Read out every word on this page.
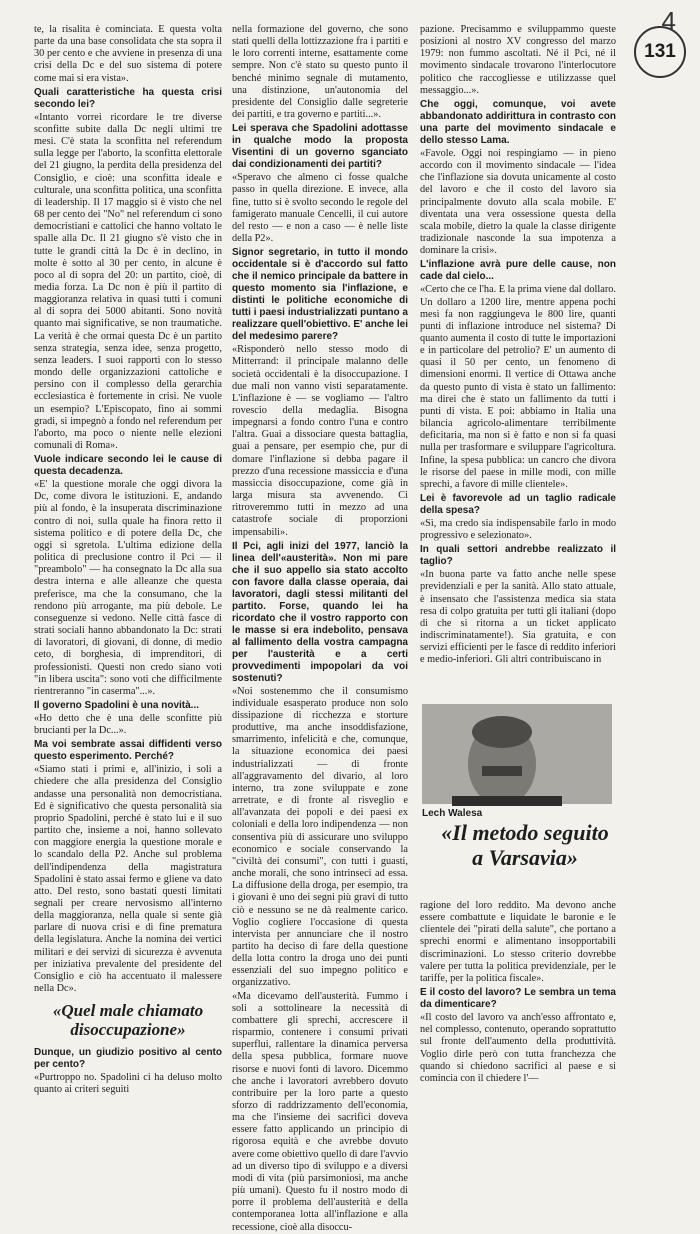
4
131

te, la risalita è cominciata. E questa volta parte da una base consolidata che sta sopra il 30 per cento e che avviene in presenza di una crisi della Dc e del suo sistema di potere come mai si era vista».

Quali caratteristiche ha questa crisi secondo lei?

«Intanto vorrei ricordare le tre diverse sconfitte subite dalla Dc negli ultimi tre mesi. C'è stata la sconfitta nel referendum sulla legge per l'aborto, la sconfitta elettorale del 21 giugno, la perdita della presidenza del Consiglio, e cioè: una sconfitta ideale e culturale, una sconfitta politica, una sconfitta di leadership. Il 17 maggio si è visto che nel 68 per cento dei "No" nel referendum ci sono democristiani e cattolici che hanno voltato le spalle alla Dc. Il 21 giugno s'è visto che in tutte le grandi città la Dc è in declino, in molte è sotto al 30 per cento, in alcune è poco al di sopra del 20: un partito, cioè, di media forza. La Dc non è più il partito di maggioranza relativa in quasi tutti i comuni al di sopra dei 5000 abitanti. Sono novità quanto mai significative, se non traumatiche. La verità è che ormai questa Dc è un partito senza strategia, senza idee, senza progetto, senza leaders. I suoi rapporti con lo stesso mondo delle organizzazioni cattoliche e persino con il complesso della gerarchia ecclesiastica è fortemente in crisi. Ne vuole un esempio? L'Episcopato, fino ai sommi gradi, si impegnò a fondo nel referendum per l'aborto, ma poco o niente nelle elezioni comunali di Roma».

Vuole indicare secondo lei le cause di questa decadenza.

«E' la questione morale che oggi divora la Dc, come divora le istituzioni. E, andando più al fondo, è la insuperata discriminazione contro di noi, sulla quale ha finora retto il sistema politico e di potere della Dc, che oggi si sgretola. L'ultima edizione della politica di preclusione contro il Pci — il "preambolo" — ha consegnato la Dc alla sua destra interna e alle alleanze che questa preferisce, ma che la consumano, che la rendono più arrogante, ma più debole. Le conseguenze si vedono. Nelle città fasce di strati sociali hanno abbandonato la Dc: strati di lavoratori, di giovani, di donne, di medio ceto, di borghesia, di imprenditori, di professionisti. Questi non credo siano voti "in libera uscita": sono voti che difficilmente rientreranno "in caserma"...».

Il governo Spadolini è una novità...

«Ho detto che è una delle sconfitte più brucianti per la Dc...».

Ma voi sembrate assai diffidenti verso questo esperimento. Perché?

«Siamo stati i primi e, all'inizio, i soli a chiedere che alla presidenza del Consiglio andasse una personalità non democristiana. Ed è significativo che questa personalità sia proprio Spadolini, perché è stato lui e il suo partito che, insieme a noi, hanno sollevato con maggiore energia la questione morale e lo scandalo della P2. Anche sul problema dell'indipendenza della magistratura Spadolini è stato assai fermo e gliene va dato atto. Del resto, sono bastati questi limitati segnali per creare nervosismo all'interno della maggioranza, nella quale si sente già parlare di nuova crisi e di fine prematura della legislatura. Anche la nomina dei vertici militari e dei servizi di sicurezza è avvenuta per iniziativa prevalente del presidente del Consiglio e ciò ha accentuato il malessere nella Dc».

«Quel male chiamato disoccupazione»

Dunque, un giudizio positivo al cento per cento?

«Purtroppo no. Spadolini ci ha deluso molto quanto ai criteri seguiti

nella formazione del governo, che sono stati quelli della lottizzazione fra i partiti e le loro correnti interne, esattamente come sempre. Non c'è stato su questo punto il benché minimo segnale di mutamento, una distinzione, un'autonomia del presidente del Consiglio dalle segreterie dei partiti, e tra governo e partiti...».

Lei sperava che Spadolini adottasse in qualche modo la proposta Visentini di un governo sganciato dai condizionamenti dei partiti?

«Speravo che almeno ci fosse qualche passo in quella direzione. E invece, alla fine, tutto si è svolto secondo le regole del famigerato manuale Cencelli, il cui autore del resto — e non a caso — è nelle liste della P2».

Signor segretario, in tutto il mondo occidentale si è d'accordo sul fatto che il nemico principale da battere in questo momento sia l'inflazione, e distinti le politiche economiche di tutti i paesi industrializzati puntano a realizzare quell'obiettivo. E' anche lei del medesimo parere?

«Risponderò nello stesso modo di Mitterrand: il principale malanno delle società occidentali è la disoccupazione. I due mali non vanno visti separatamente. L'inflazione è — se vogliamo — l'altro rovescio della medaglia. Bisogna impegnarsi a fondo contro l'una e contro l'altra. Guai a dissociare questa battaglia, guai a pensare, per esempio che, pur di domare l'inflazione si debba pagare il prezzo d'una recessione massiccia e d'una massiccia disoccupazione, come già in larga misura sta avvenendo. Ci ritroveremmo tutti in mezzo ad una catastrofe sociale di proporzioni impensabili».

Il Pci, agli inizi del 1977, lanciò la linea dell'«austerità». Non mi pare che il suo appello sia stato accolto con favore dalla classe operaia, dai lavoratori, dagli stessi militanti del partito. Forse, quando lei ha ricordato che il vostro rapporto con le masse si era indebolito, pensava al fallimento della vostra campagna per l'austerità e a certi provvedimenti impopolari da voi sostenuti?

«Noi sostenemmo che il consumismo individuale esasperato produce non solo dissipazione di ricchezza e storture produttive, ma anche insoddisfazione, smarrimento, infelicità e che, comunque, la situazione economica dei paesi industrializzati — di fronte all'aggravamento del divario, al loro interno, tra zone sviluppate e zone arretrate, e di fronte al risveglio e all'avanzata dei popoli e dei paesi ex coloniali e della loro indipendenza — non consentiva più di assicurare uno sviluppo economico e sociale conservando la "civiltà dei consumi", con tutti i guasti, anche morali, che sono intrinseci ad essa. La diffusione della droga, per esempio, tra i giovani è uno dei segni più gravi di tutto ciò e nessuno se ne dà realmente carico. Voglio cogliere l'occasione di questa intervista per annunciare che il nostro partito ha deciso di fare della questione della lotta contro la droga uno dei punti essenziali del suo impegno politico e organizzativo.

«Ma dicevamo dell'austerità. Fummo i soli a sottolineare la necessità di combattere gli sprechi, accrescere il risparmio, contenere i consumi privati superflui, rallentare la dinamica perversa della spesa pubblica, formare nuove risorse e nuovi fonti di lavoro. Dicemmo che anche i lavoratori avrebbero dovuto contribuire per la loro parte a questo sforzo di raddrizzamento dell'economia, ma che l'insieme dei sacrifici doveva essere fatto applicando un principio di rigorosa equità e che avrebbe dovuto avere come obiettivo quello di dare l'avvio ad un diverso tipo di sviluppo e a diversi modi di vita (più parsimoniosi, ma anche più umani). Questo fu il nostro modo di porre il problema dell'austerità e della contemporanea lotta all'inflazione e alla recessione, cioè alla disoccu-

pazione. Precisammo e sviluppammo queste posizioni al nostro XV congresso del marzo 1979: non fummo ascoltati. Né il Pci, né il movimento sindacale trovarono l'interlocutore politico che raccogliesse e utilizzasse quel messaggio...».

Che oggi, comunque, voi avete abbandonato addirittura in contrasto con una parte del movimento sindacale e dello stesso Lama.

«Favole. Oggi noi respingiamo — in pieno accordo con il movimento sindacale — l'idea che l'inflazione sia dovuta unicamente al costo del lavoro e che il costo del lavoro sia principalmente dovuto alla scala mobile. E' diventata una vera ossessione questa della scala mobile, dietro la quale la classe dirigente tradizionale nasconde la sua impotenza a dominare la crisi».

L'inflazione avrà pure delle cause, non cade dal cielo...

«Certo che ce l'ha. E la prima viene dal dollaro. Un dollaro a 1200 lire, mentre appena pochi mesi fa non raggiungeva le 800 lire, quanti punti di inflazione introduce nel sistema? Di quanto aumenta il costo di tutte le importazioni e in particolare del petrolio? E' un aumento di quasi il 50 per cento, un fenomeno di dimensioni enormi. Il vertice di Ottawa anche da questo punto di vista è stato un fallimento: ma direi che è stato un fallimento da tutti i punti di vista. E poi: abbiamo in Italia una bilancia agricolo-alimentare terribilmente deficitaria, ma non si è fatto e non si fa quasi nulla per trasformare e sviluppare l'agricoltura. Infine, la spesa pubblica: un cancro che divora le risorse del paese in mille modi, con mille sprechi, a favore di mille clientele».

Lei è favorevole ad un taglio radicale della spesa?

«Sì, ma credo sia indispensabile farlo in modo progressivo e selezionato».

In quali settori andrebbe realizzato il taglio?

«In buona parte va fatto anche nelle spese previdenziali e per la sanità. Allo stato attuale, è insensato che l'assistenza medica sia stata resa di colpo gratuita per tutti gli italiani (dopo di che si ritorna a un ticket applicato indiscriminatamente!). Sia gratuita, e con servizi efficienti per le fasce di reddito inferiori e medio-inferiori. Gli altri contribuiscano in

Lech Walesa
«Il metodo seguito a Varsavia»

ragione del loro reddito. Ma devono anche essere combattute e liquidate le baronie e le clientele dei "pirati della salute", che portano a sprechi enormi e alimentano insopportabili discriminazioni. Lo stesso criterio dovrebbe valere per tutta la politica previdenziale, per le tariffe, per la politica fiscale».

E il costo del lavoro? Le sembra un tema da dimenticare?

«Il costo del lavoro va anch'esso affrontato e, nel complesso, contenuto, operando soprattutto sul fronte dell'aumento della produttività. Voglio dirle però con tutta franchezza che quando si chiedono sacrifici al paese e si comincia con il chiedere l'—
